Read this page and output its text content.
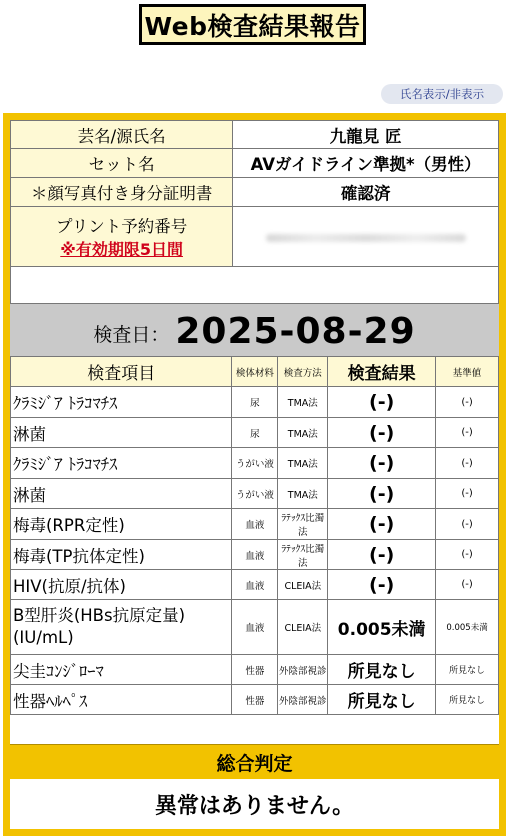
Web検査結果報告
氏名表示/非表示
芸名/源氏名	九龍見 匠
セット名	AVガイドライン準拠*（男性）
＊顔写真付き身分証明書	確認済

プリント予約番号
※有効期限5日間	

検査日： 2025-08-29
検査項目	検体材料	検査方法	検査結果	基準値
ｸﾗﾐｼﾞｱ ﾄﾗｺﾏﾁｽ	尿	TMA法	(-)	(-)
淋菌	尿	TMA法	(-)	(-)
ｸﾗﾐｼﾞｱ ﾄﾗｺﾏﾁｽ	うがい液	TMA法	(-)	(-)
淋菌	うがい液	TMA法	(-)	(-)
梅毒(RPR定性)	血液	ﾗﾃｯｸｽ比濁法	(-)	(-)
梅毒(TP抗体定性)	血液	ﾗﾃｯｸｽ比濁法	(-)	(-)
HIV(抗原/抗体)	血液	CLEIA法	(-)	(-)
B型肝炎(HBs抗原定量)(IU/mL)	血液	CLEIA法	0.005未満	0.005未満
尖圭ｺﾝｼﾞﾛｰﾏ	性器	外陰部視診	所見なし	所見なし
性器ﾍﾙﾍﾟｽ	性器	外陰部視診	所見なし	所見なし
総合判定
異常はありません。
